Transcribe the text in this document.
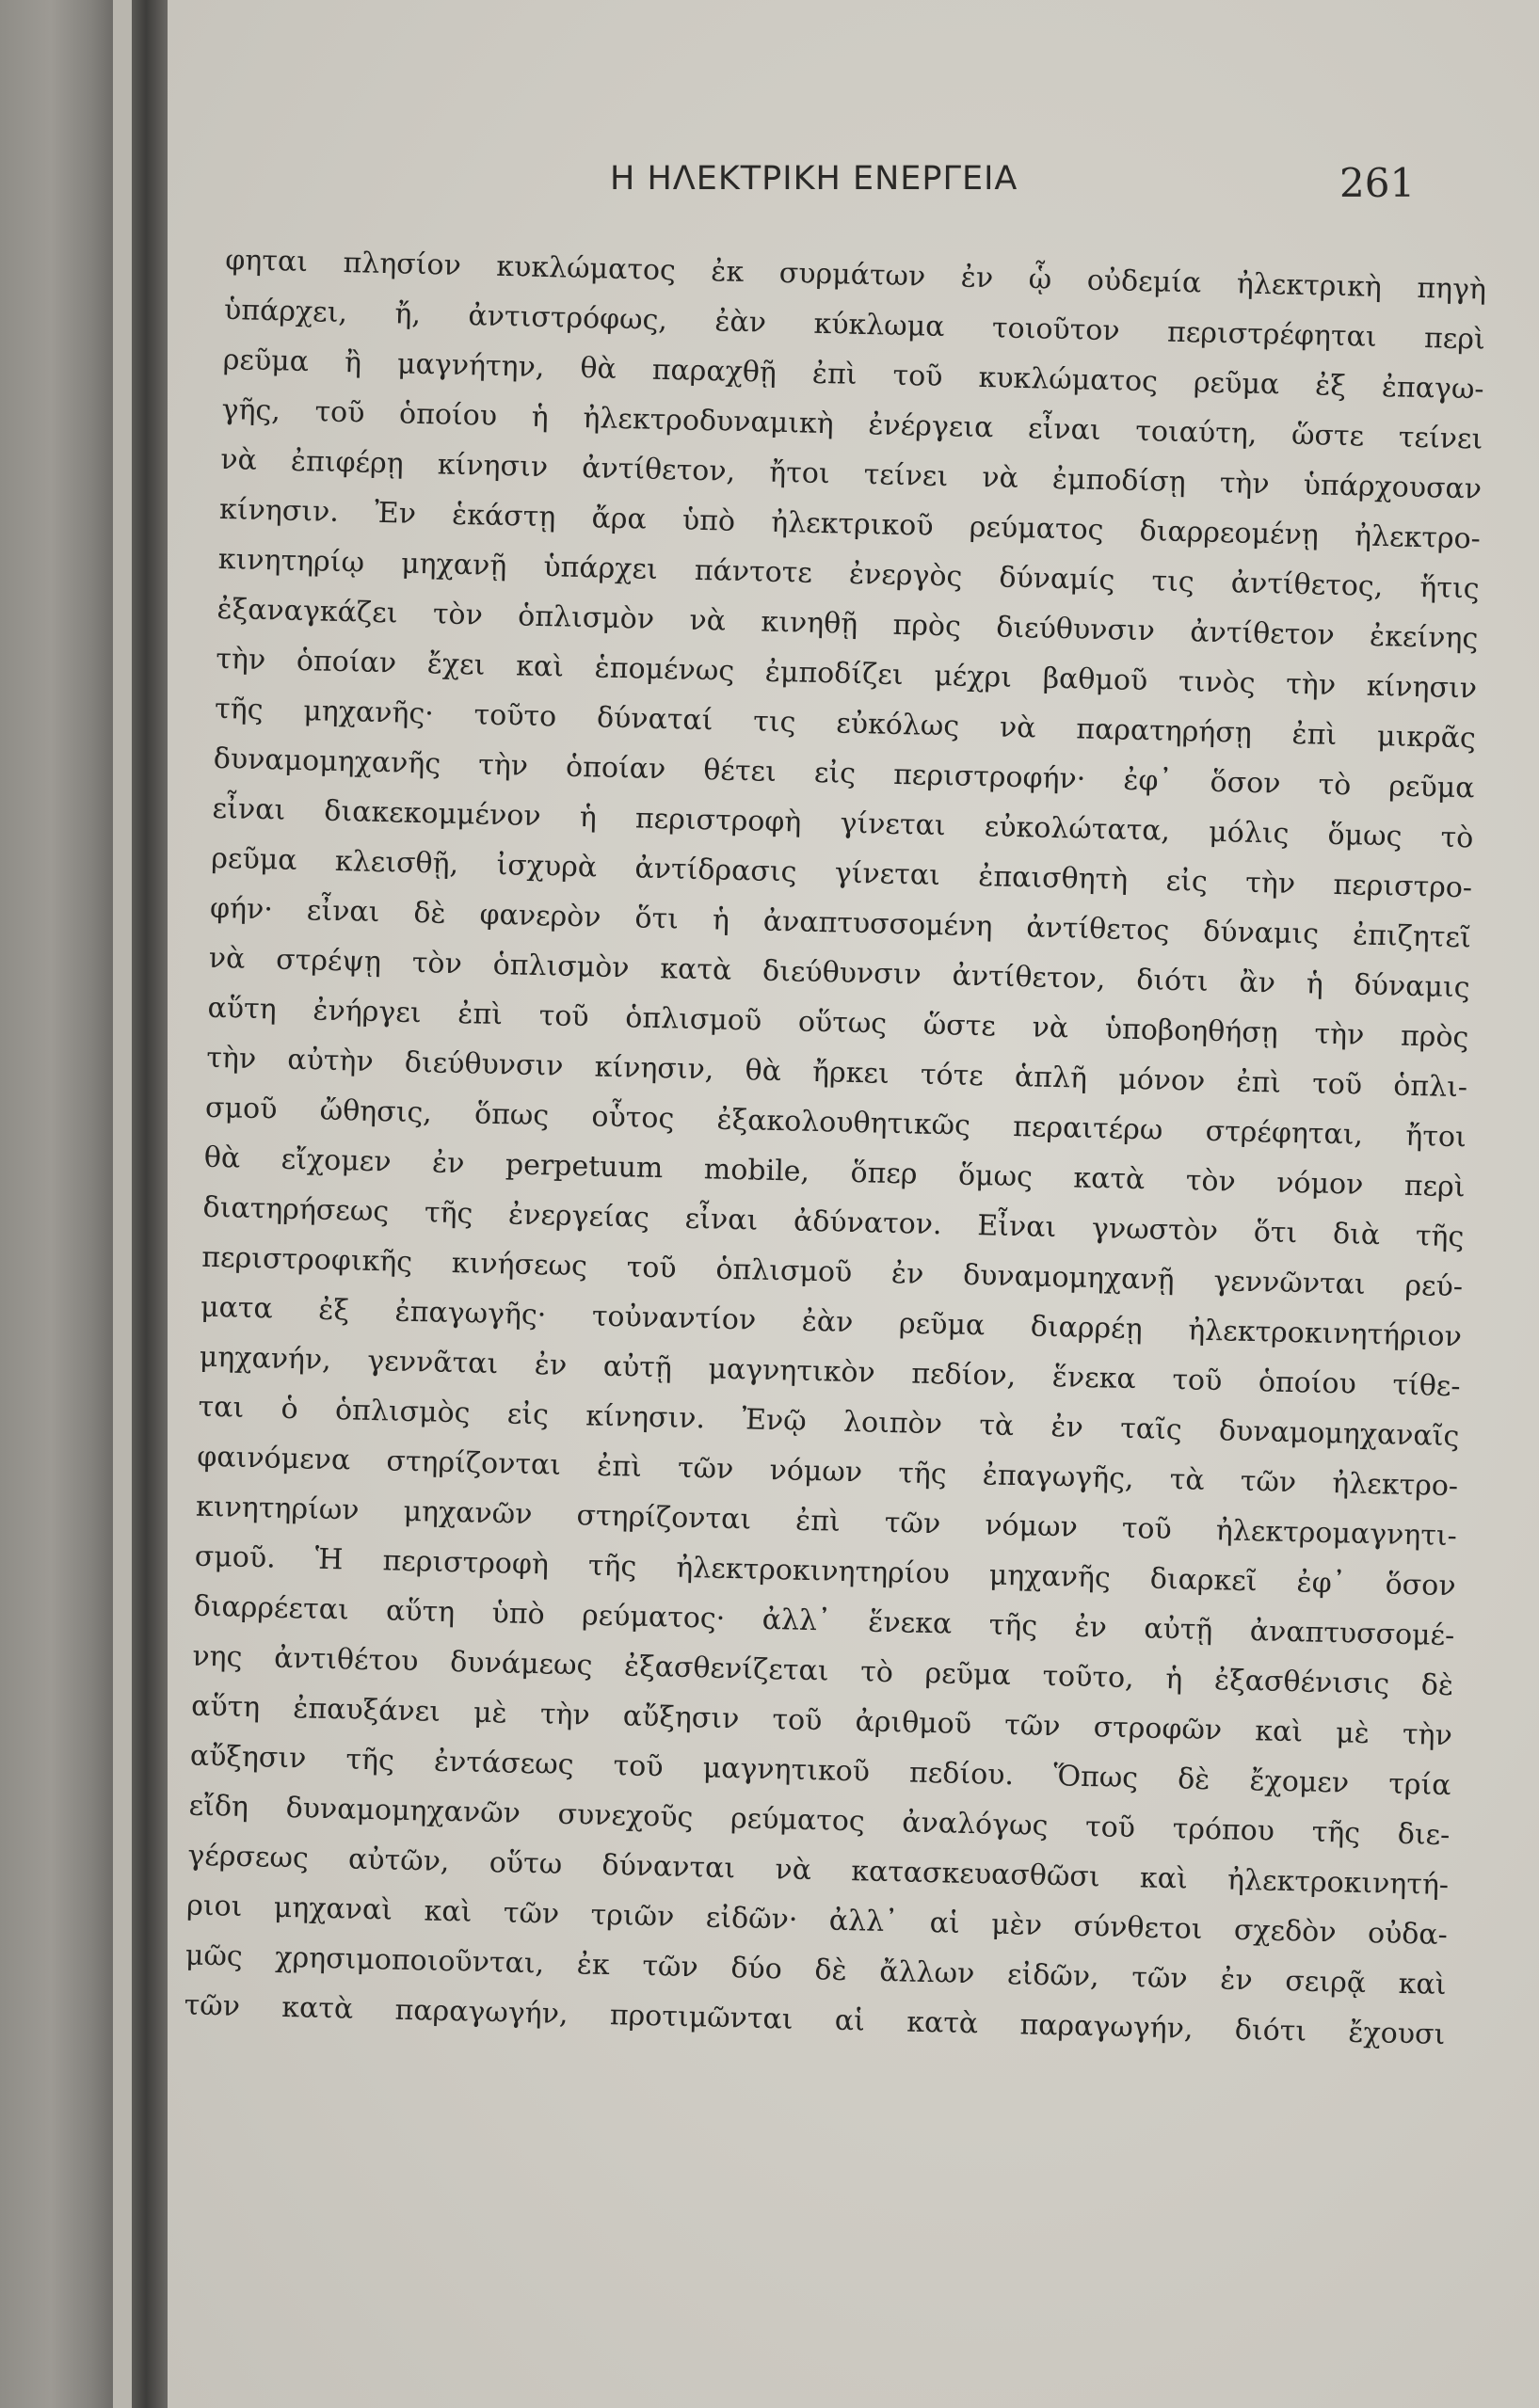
Η ΗΛΕΚΤΡΙΚΗ ΕΝΕΡΓΕΙΑ	261
φηται πλησίον κυκλώματος ἐκ συρμάτων ἐν ᾧ οὐδεμία ἠλεκτρικὴ πηγὴ
ὑπάρχει, ἤ, ἀντιστρόφως, ἐὰν κύκλωμα τοιοῦτον περιστρέφηται περὶ
ρεῦμα ἢ μαγνήτην, θὰ παραχθῇ ἐπὶ τοῦ κυκλώματος ρεῦμα ἐξ ἐπαγω-
γῆς, τοῦ ὁποίου ἡ ἠλεκτροδυναμικὴ ἐνέργεια εἶναι τοιαύτη, ὥστε τείνει
νὰ ἐπιφέρῃ κίνησιν ἀντίθετον, ἤτοι τείνει νὰ ἐμποδίσῃ τὴν ὑπάρχουσαν
κίνησιν. Ἐν ἑκάστῃ ἄρα ὑπὸ ἠλεκτρικοῦ ρεύματος διαρρεομένῃ ἠλεκτρο-
κινητηρίῳ μηχανῇ ὑπάρχει πάντοτε ἐνεργὸς δύναμίς τις ἀντίθετος, ἥτις
ἐξαναγκάζει τὸν ὁπλισμὸν νὰ κινηθῇ πρὸς διεύθυνσιν ἀντίθετον ἐκείνης
τὴν ὁποίαν ἔχει καὶ ἑπομένως ἐμποδίζει μέχρι βαθμοῦ τινὸς τὴν κίνησιν
τῆς μηχανῆς· τοῦτο δύναταί τις εὐκόλως νὰ παρατηρήσῃ ἐπὶ μικρᾶς
δυναμομηχανῆς τὴν ὁποίαν θέτει εἰς περιστροφήν· ἐφ᾽ ὅσον τὸ ρεῦμα
εἶναι διακεκομμένον ἡ περιστροφὴ γίνεται εὐκολώτατα, μόλις ὅμως τὸ
ρεῦμα κλεισθῇ, ἰσχυρὰ ἀντίδρασις γίνεται ἐπαισθητὴ εἰς τὴν περιστρο-
φήν· εἶναι δὲ φανερὸν ὅτι ἡ ἀναπτυσσομένη ἀντίθετος δύναμις ἐπιζητεῖ
νὰ στρέψῃ τὸν ὁπλισμὸν κατὰ διεύθυνσιν ἀντίθετον, διότι ἂν ἡ δύναμις
αὕτη ἐνήργει ἐπὶ τοῦ ὁπλισμοῦ οὕτως ὥστε νὰ ὑποβοηθήσῃ τὴν πρὸς
τὴν αὐτὴν διεύθυνσιν κίνησιν, θὰ ἤρκει τότε ἁπλῆ μόνον ἐπὶ τοῦ ὁπλι-
σμοῦ ὤθησις, ὅπως οὗτος ἐξακολουθητικῶς περαιτέρω στρέφηται, ἤτοι
θὰ εἴχομεν ἐν perpetuum mobile, ὅπερ ὅμως κατὰ τὸν νόμον περὶ
διατηρήσεως τῆς ἐνεργείας εἶναι ἀδύνατον. Εἶναι γνωστὸν ὅτι διὰ τῆς
περιστροφικῆς κινήσεως τοῦ ὁπλισμοῦ ἐν δυναμομηχανῇ γεννῶνται ρεύ-
ματα ἐξ ἐπαγωγῆς· τοὐναντίον ἐὰν ρεῦμα διαρρέῃ ἠλεκτροκινητήριον
μηχανήν, γεννᾶται ἐν αὐτῇ μαγνητικὸν πεδίον, ἕνεκα τοῦ ὁποίου τίθε-
ται ὁ ὁπλισμὸς εἰς κίνησιν. Ἐνῷ λοιπὸν τὰ ἐν ταῖς δυναμομηχαναῖς
φαινόμενα στηρίζονται ἐπὶ τῶν νόμων τῆς ἐπαγωγῆς, τὰ τῶν ἠλεκτρο-
κινητηρίων μηχανῶν στηρίζονται ἐπὶ τῶν νόμων τοῦ ἠλεκτρομαγνητι-
σμοῦ. Ἡ περιστροφὴ τῆς ἠλεκτροκινητηρίου μηχανῆς διαρκεῖ ἐφ᾽ ὅσον
διαρρέεται αὕτη ὑπὸ ρεύματος· ἀλλ᾽ ἕνεκα τῆς ἐν αὐτῇ ἀναπτυσσομέ-
νης ἀντιθέτου δυνάμεως ἐξασθενίζεται τὸ ρεῦμα τοῦτο, ἡ ἐξασθένισις δὲ
αὕτη ἐπαυξάνει μὲ τὴν αὔξησιν τοῦ ἀριθμοῦ τῶν στροφῶν καὶ μὲ τὴν
αὔξησιν τῆς ἐντάσεως τοῦ μαγνητικοῦ πεδίου. Ὅπως δὲ ἔχομεν τρία
εἴδη δυναμομηχανῶν συνεχοῦς ρεύματος ἀναλόγως τοῦ τρόπου τῆς διε-
γέρσεως αὐτῶν, οὕτω δύνανται νὰ κατασκευασθῶσι καὶ ἠλεκτροκινητή-
ριοι μηχαναὶ καὶ τῶν τριῶν εἰδῶν· ἀλλ᾽ αἱ μὲν σύνθετοι σχεδὸν οὐδα-
μῶς χρησιμοποιοῦνται, ἐκ τῶν δύο δὲ ἄλλων εἰδῶν, τῶν ἐν σειρᾷ καὶ
τῶν κατὰ παραγωγήν, προτιμῶνται αἱ κατὰ παραγωγήν, διότι ἔχουσι
